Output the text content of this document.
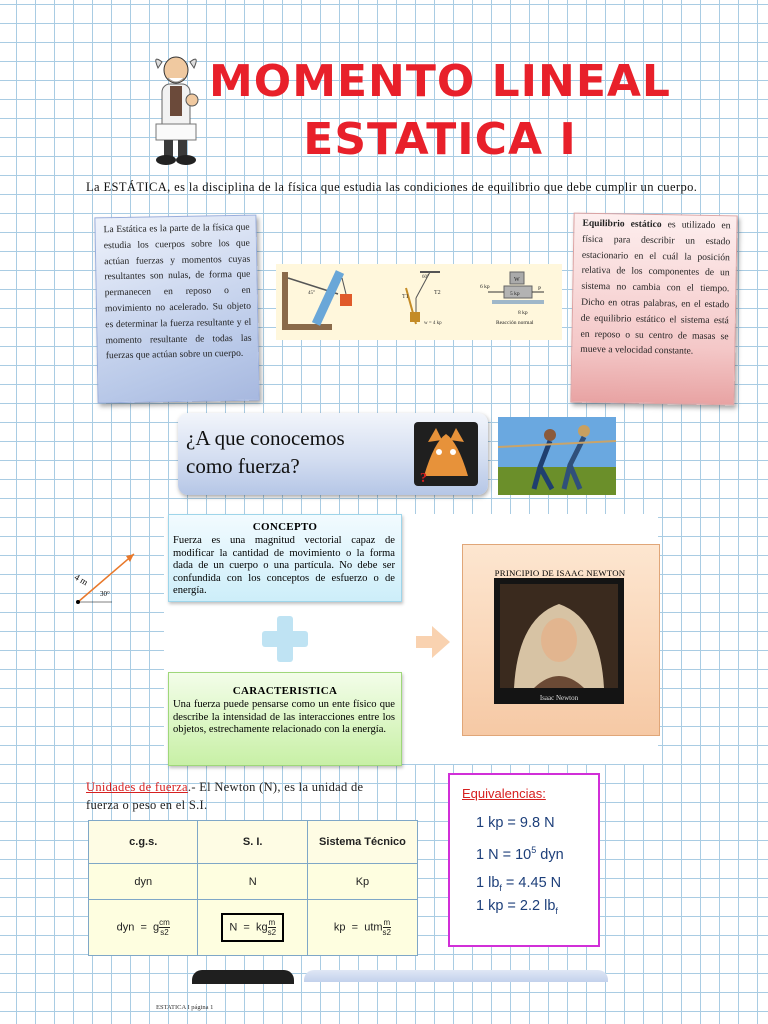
MOMENTO LINEAL
ESTATICA I
La ESTÁTICA, es la disciplina de la física que estudia las condiciones de equilibrio que debe cumplir un cuerpo.
La Estática es la parte de la física que estudia los cuerpos sobre los que actúan fuerzas y momentos cuyas resultantes son nulas, de forma que permanecen en reposo o en movimiento no acelerado. Su objeto es determinar la fuerza resultante y el momento resultante de todas las fuerzas que actúan sobre un cuerpo.
45°
60°
T1
T2
w = 4 kp
W
5 kp
6 kp	P
8 kp
Reacción normal
Equilibrio estático es utilizado en física para describir un estado estacionario en el cuál la posición relativa de los componentes de un sistema no cambia con el tiempo. Dicho en otras palabras, en el estado de equilibrio estático el sistema está en reposo o su centro de masas se mueve a velocidad constante.
¿A que conocemos
como fuerza?
?
4 m
30°
CONCEPTO
Fuerza es una magnitud vectorial capaz de modificar la cantidad de movimiento o la forma dada de un cuerpo o una partícula. No debe ser confundida con los conceptos de esfuerzo o de energía.
CARACTERISTICA
Una fuerza puede pensarse como un ente físico que describe la intensidad de las interacciones entre los objetos, estrechamente relacionado con la energía.
PRINCIPIO DE ISAAC NEWTON
Isaac Newton
Unidades de fuerza.- El Newton (N), es la unidad de fuerza o peso en el S.I.
c.g.s.	S. I.	Sistema Técnico
dyn	N	Kp
dyn  =  g $\frac{cm}{s2}$	N  =  kg $\frac{m}{s2}$	kp  =  utm $\frac{m}{s2}$
Equivalencias:
1 kp = 9.8 N
1 $N = 10^5$ dyn
1 $lb_f = 4.45$ N
1 kp = 2.2 $lb_f$
ESTATICA I página 1
